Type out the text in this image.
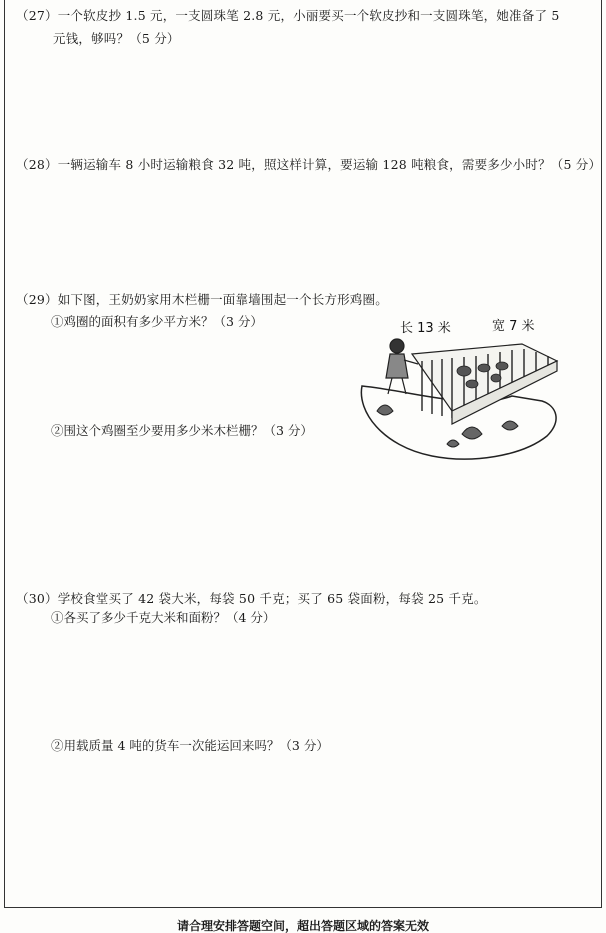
（27）一个软皮抄 1.5 元，一支圆珠笔 2.8 元，小丽要买一个软皮抄和一支圆珠笔，她准备了 5
元钱，够吗？（5 分）
（28）一辆运输车 8 小时运输粮食 32 吨，照这样计算，要运输 128 吨粮食，需要多少小时？（5 分）
（29）如下图，王奶奶家用木栏栅一面靠墙围起一个长方形鸡圈。
①鸡圈的面积有多少平方米？（3 分）
②围这个鸡圈至少要用多少米木栏栅？（3 分）
长 13 米	宽 7 米
（30）学校食堂买了 42 袋大米，每袋 50 千克；买了 65 袋面粉，每袋 25 千克。
①各买了多少千克大米和面粉？（4 分）
②用载质量 4 吨的货车一次能运回来吗？（3 分）
请合理安排答题空间，超出答题区域的答案无效
